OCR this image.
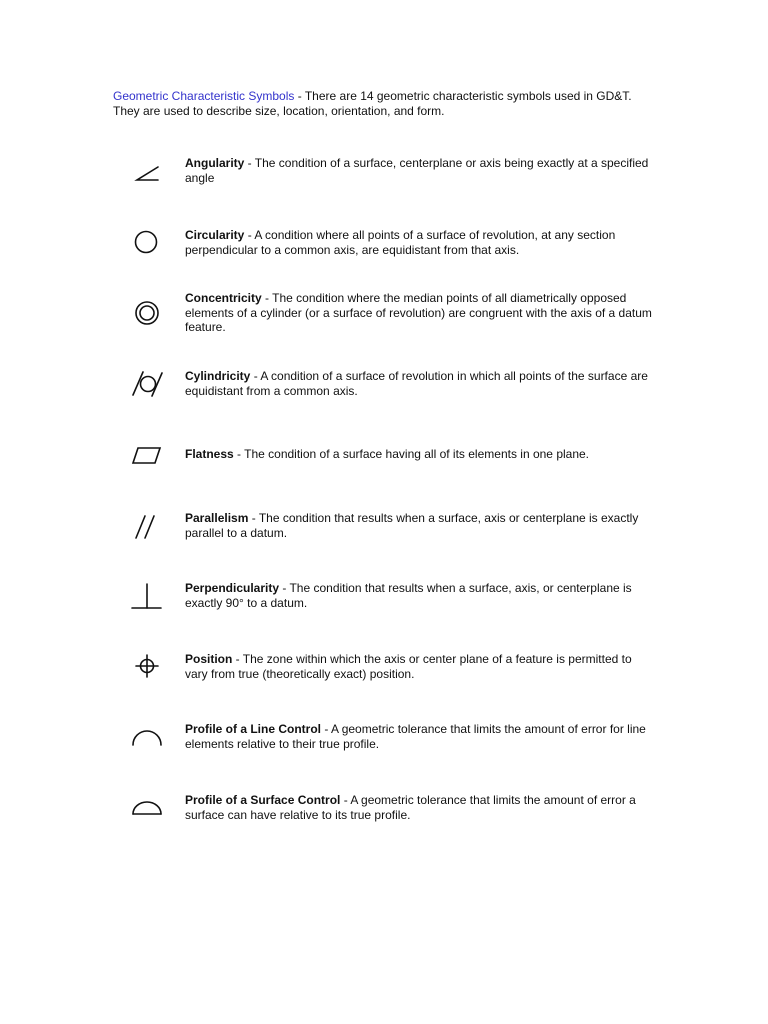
Geometric Characteristic Symbols - There are 14 geometric characteristic symbols used in GD&T. They are used to describe size, location, orientation, and form.
Angularity - The condition of a surface, centerplane or axis being exactly at a specified angle
Circularity - A condition where all points of a surface of revolution, at any section perpendicular to a common axis, are equidistant from that axis.
Concentricity - The condition where the median points of all diametrically opposed elements of a cylinder (or a surface of revolution) are congruent with the axis of a datum feature.
Cylindricity - A condition of a surface of revolution in which all points of the surface are equidistant from a common axis.
Flatness - The condition of a surface having all of its elements in one plane.
Parallelism - The condition that results when a surface, axis or centerplane is exactly parallel to a datum.
Perpendicularity - The condition that results when a surface, axis, or centerplane is exactly 90° to a datum.
Position - The zone within which the axis or center plane of a feature is permitted to vary from true (theoretically exact) position.
Profile of a Line Control - A geometric tolerance that limits the amount of error for line elements relative to their true profile.
Profile of a Surface Control - A geometric tolerance that limits the amount of error a surface can have relative to its true profile.
